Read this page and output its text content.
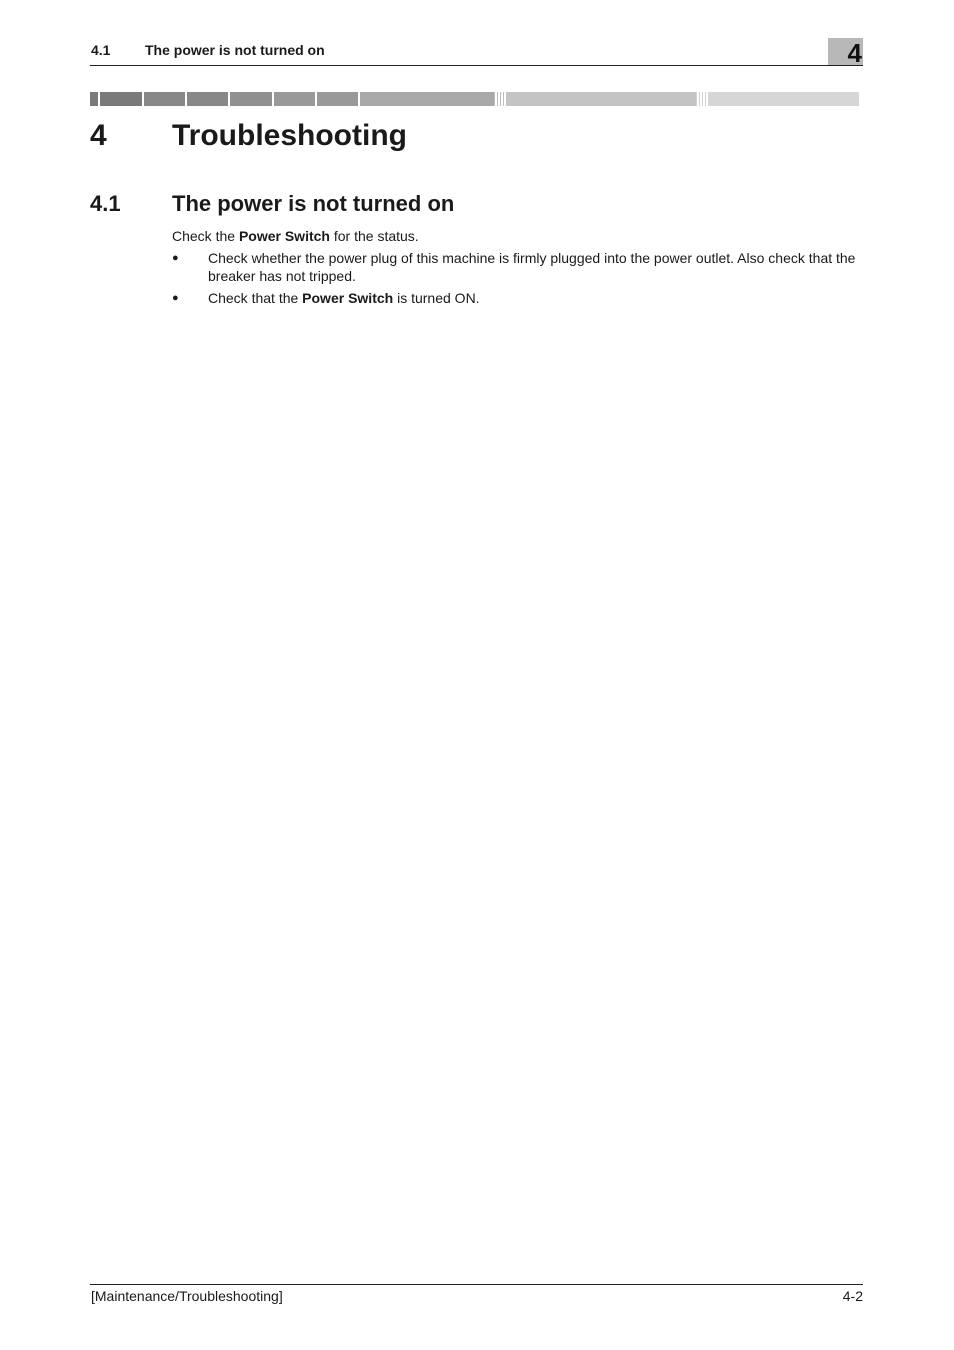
4.1 The power is not turned on	4
4 Troubleshooting
4.1 The power is not turned on

Check the Power Switch for the status.

● Check whether the power plug of this machine is firmly plugged into the power outlet. Also check that the breaker has not tripped.
● Check that the Power Switch is turned ON.
[Maintenance/Troubleshooting]	4-2
